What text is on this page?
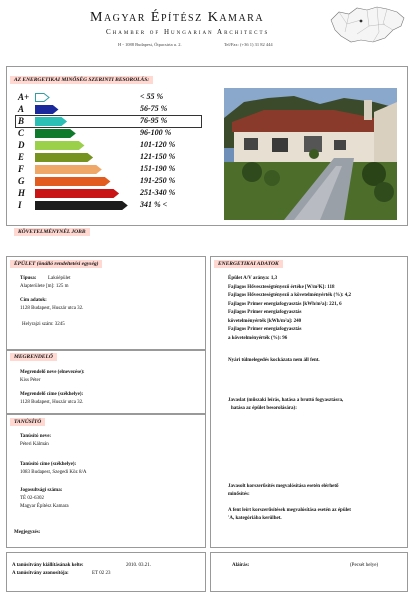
Magyar Építész Kamara
Chamber of Hungarian Architects
H - 1088 Budapest, Ötpacsirta u. 2.	Tel/Fax: (+36 1) 31 82 444
AZ ENERGETIKAI MINŐSÉG SZERINTI BESOROLÁS:
A+	< 55 %
A	56-75 %
B	76-95 %
C	96-100 %
D	101-120 %
E	121-150 %
F	151-190 %
G	191-250 %
H	251-340 %
I	341 % <
KÖVETELMÉNYNÉL JOBB
ÉPÜLET (önálló rendeltetési egység)
Típusa: Lakóépület
Alapterülete [m]: 125 m
Cím adatok:
1128 Budapest, Huszár utca 32.
Helyrajzi szám: 3245
ENERGETIKAI ADATOK
Épület A/V aránya: 1,3
Fajlagos Hőveszteségtényező értéke [W/m²K]: 118
Fajlagos Hőveszteségtényező a követelményérték (%): 4,2
Fajlagos Primer energiafogyasztás [kWh/m²a]: 221, 6
Fajlagos Primer energiafogyasztás
követelményérték [kWh/m²a]: 240
Fajlagos Primer energiafogyasztás
a követelményérték (%): 96
Nyári túlmelegedés kockázata nem áll fent.
Javaslat (műszaki leírás, hatása a bruttó fogyasztásra,
hatása az épület besorolására):
Javasolt korszerűsítés megvalósítása esetén elérhető
minősítés:
A fent leírt korszerűsítések megvalósítása esetén az épület
'A, kategóriába kerülhet.
MEGRENDELŐ
Megrendelő neve (elnevezése):
Kiss Péter
Megrendelő címe (székhelye):
1128 Budapest, Huszár utca 32.
TANÚSÍTÓ
Tanúsító neve:
Péteri Kálmán
Tanúsító címe (székhelye):
1083 Budapest, Szegedi Köz 8/A
Jogosultsági száma:
TÉ 02-6302
Magyar Építész Kamara
Megjegyzés:
A tanúsítvány kiállításának kelte:	2010. 03.21.
A tanúsítvány azonosítója:	ET 02 23
Aláírás:	(Pecsét helye)
